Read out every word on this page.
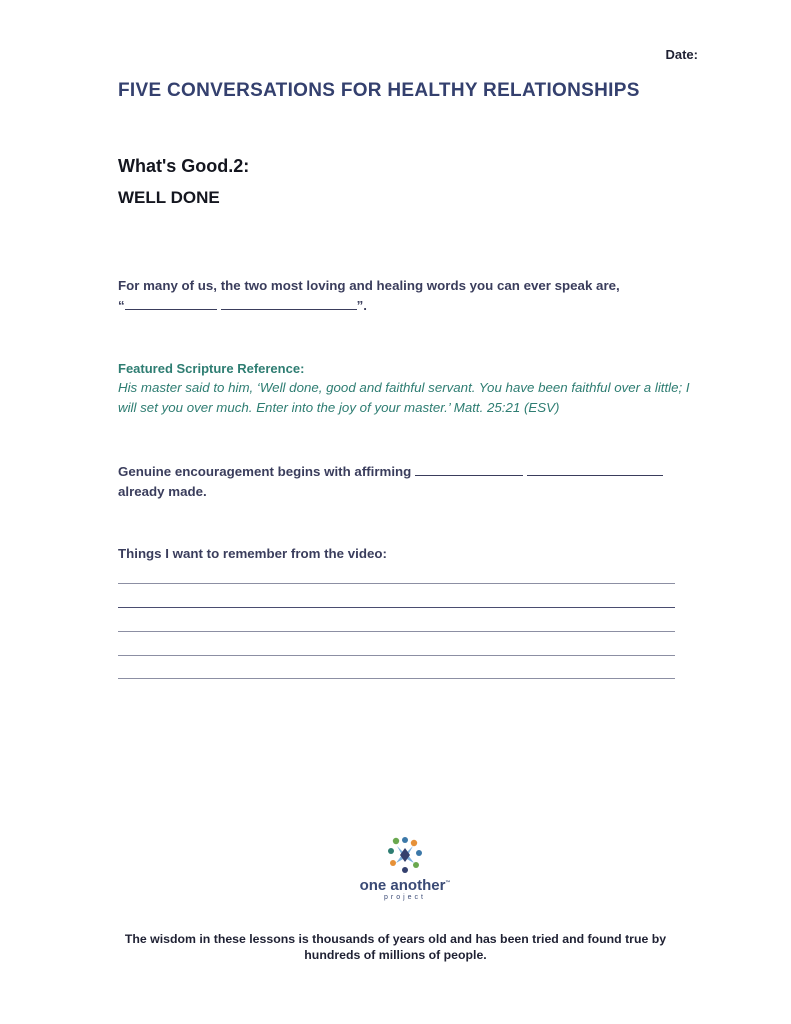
Date:
FIVE CONVERSATIONS FOR HEALTHY RELATIONSHIPS
What's Good.2:
WELL DONE
For many of us, the two most loving and healing words you can ever speak are,
“	”.
Featured Scripture Reference:
His master said to him, ‘Well done, good and faithful servant. You have been faithful over a little; I will set you over much. Enter into the joy of your master.’ Matt. 25:21 (ESV)
Genuine encouragement begins with affirming
already made.
Things I want to remember from the video:
one another™
project
The wisdom in these lessons is thousands of years old and has been tried and found true by hundreds of millions of people.
